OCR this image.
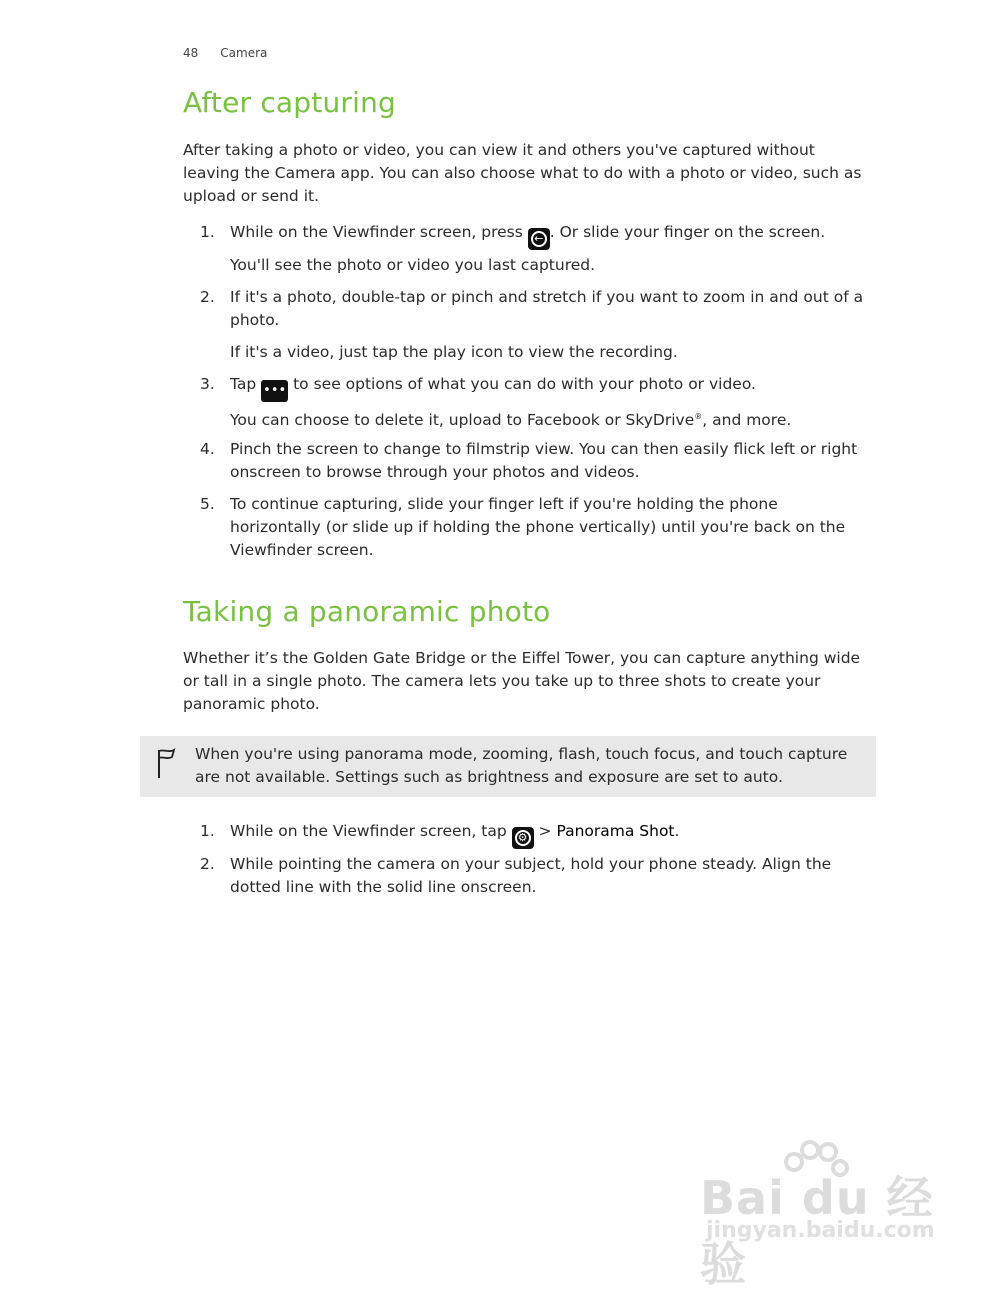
48 Camera
After capturing

After taking a photo or video, you can view it and others you've captured without leaving the Camera app. You can also choose what to do with a photo or video, such as upload or send it.

1. While on the Viewfinder screen, press ← . Or slide your finger on the screen.
You'll see the photo or video you last captured.
2. If it's a photo, double-tap or pinch and stretch if you want to zoom in and out of a photo.
If it's a video, just tap the play icon to view the recording.
3. Tap ••• to see options of what you can do with your photo or video.
You can choose to delete it, upload to Facebook or SkyDrive®, and more.
4. Pinch the screen to change to filmstrip view. You can then easily flick left or right onscreen to browse through your photos and videos.
5. To continue capturing, slide your finger left if you're holding the phone horizontally (or slide up if holding the phone vertically) until you're back on the Viewfinder screen.
Taking a panoramic photo

Whether it’s the Golden Gate Bridge or the Eiffel Tower, you can capture anything wide or tall in a single photo. The camera lets you take up to three shots to create your panoramic photo.

When you're using panorama mode, zooming, flash, touch focus, and touch capture are not available. Settings such as brightness and exposure are set to auto.
1. While on the Viewfinder screen, tap ⚙ > Panorama Shot.
2. While pointing the camera on your subject, hold your phone steady. Align the dotted line with the solid line onscreen.
Bai du 经验
jingyan.baidu.com
